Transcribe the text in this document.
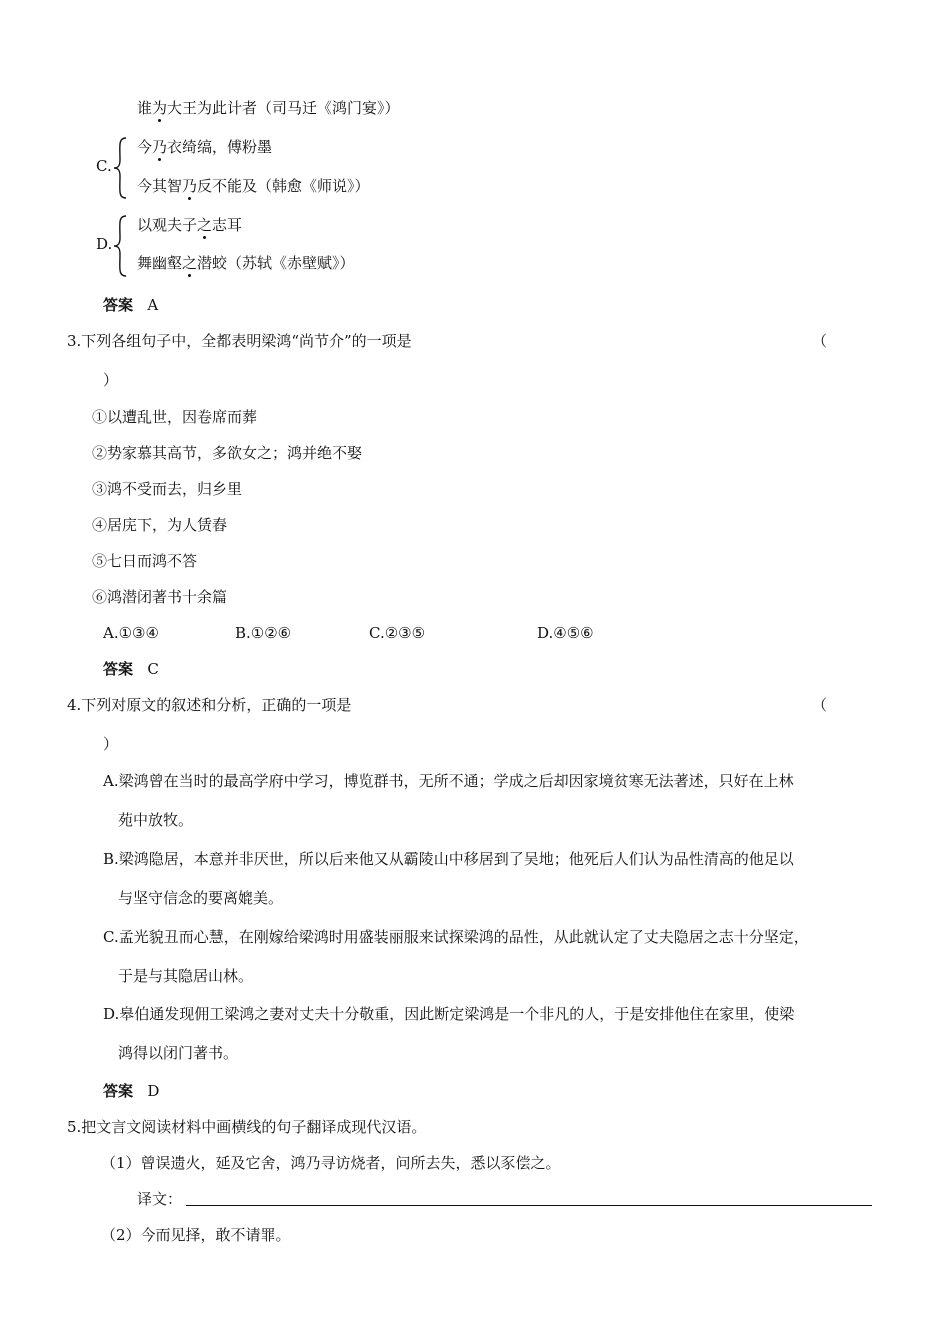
谁为大王为此计者（司马迁《鸿门宴》）
C.
今乃衣绮缟，傅粉墨
今其智乃反不能及（韩愈《师说》）
D.
以观夫子之志耳
舞幽壑之潜蛟（苏轼《赤壁赋》）
答案 A
3.下列各组句子中，全都表明梁鸿“尚节介”的一项是	（
）
①以遭乱世，因卷席而葬
②势家慕其高节，多欲女之；鸿并绝不娶
③鸿不受而去，归乡里
④居庑下，为人赁舂
⑤七日而鸿不答
⑥鸿潜闭著书十余篇
A.①③④	B.①②⑥	C.②③⑤	D.④⑤⑥
答案 C
4.下列对原文的叙述和分析，正确的一项是	（
）
A.梁鸿曾在当时的最高学府中学习，博览群书，无所不通；学成之后却因家境贫寒无法著述，只好在上林
苑中放牧。
B.梁鸿隐居，本意并非厌世，所以后来他又从霸陵山中移居到了吴地；他死后人们认为品性清高的他足以
与坚守信念的要离媲美。
C.孟光貌丑而心慧，在刚嫁给梁鸿时用盛装丽服来试探梁鸿的品性，从此就认定了丈夫隐居之志十分坚定，
于是与其隐居山林。
D.皋伯通发现佣工梁鸿之妻对丈夫十分敬重，因此断定梁鸿是一个非凡的人，于是安排他住在家里，使梁
鸿得以闭门著书。
答案 D
5.把文言文阅读材料中画横线的句子翻译成现代汉语。
（1）曾误遗火，延及它舍，鸿乃寻访烧者，问所去失，悉以豕偿之。
译文：
（2）今而见择，敢不请罪。
